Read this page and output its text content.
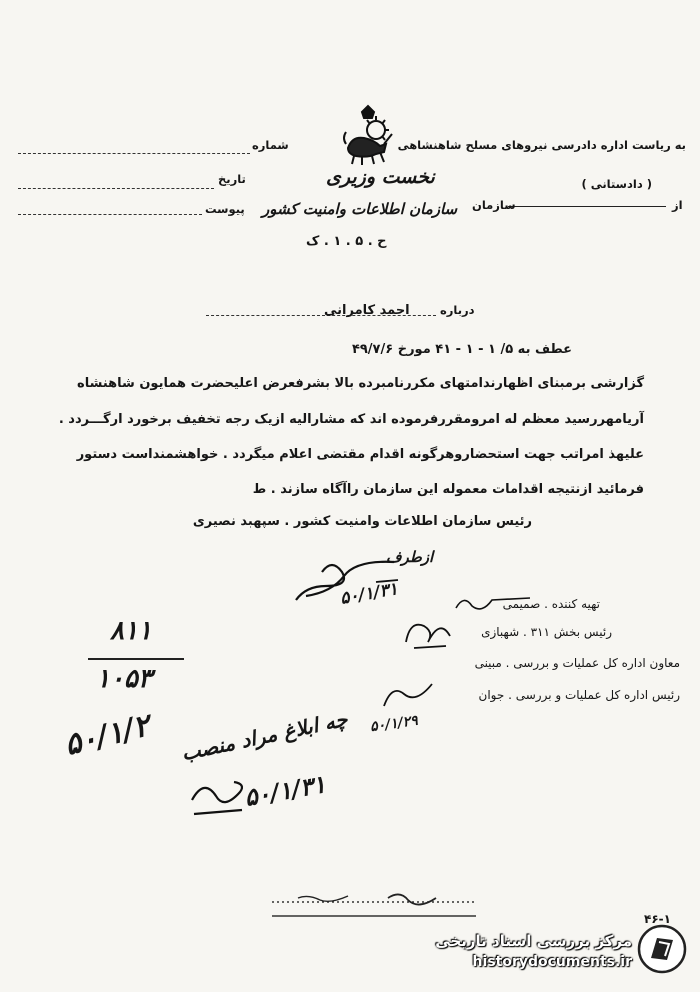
به ریاست اداره دادرسی نیروهای مسلح شاهنشاهی
شماره
( دادستانی )
تاریخ
از
سازمان
پیوست
نخست وزیری
سازمان اطلاعات وامنیت کشور
ح . ۵ . ۱ . ک
درباره
احمد کامرانی
عطف به ۵/ ۱ - ۱ - ۴۱ مورخ ۴۹/۷/۶
گزارشی برمبنای اظهارندامتهای مکررنامبرده بالا بشرفعرض اعلیحضرت همایون شاهنشاه
آریامهررسید معظم له امرومقررفرموده اند که مشارالیه ازیک رجه تخفیف برخورد ارگـــردد .
علیهذ امراتب جهت استحضاروهرگونه اقدام مقتضی اعلام میگردد . خواهشمنداست دستور
فرمائید ازنتیجه اقدامات معموله این سازمان راآگاه سازند . ط
رئیس سازمان اطلاعات وامنیت کشور . سپهبد نصیری
ازطرف
۵۰/۱/۳۱	تهیه کننده . صمیمی
رئیس بخش ۳۱۱ . شهبازی
معاون اداره کل عملیات و بررسی . مبینی
رئیس اداره کل عملیات و بررسی . جوان
۵۰/۱/۲۹
۸۱۱
۱۰۵۳
۵۰/۱/۲ چه ابلاغ مراد منصب
۵۰/۱/۳۱
۴۶-۱
مرکز بررسی اسناد تاریخی
historydocuments.ir
